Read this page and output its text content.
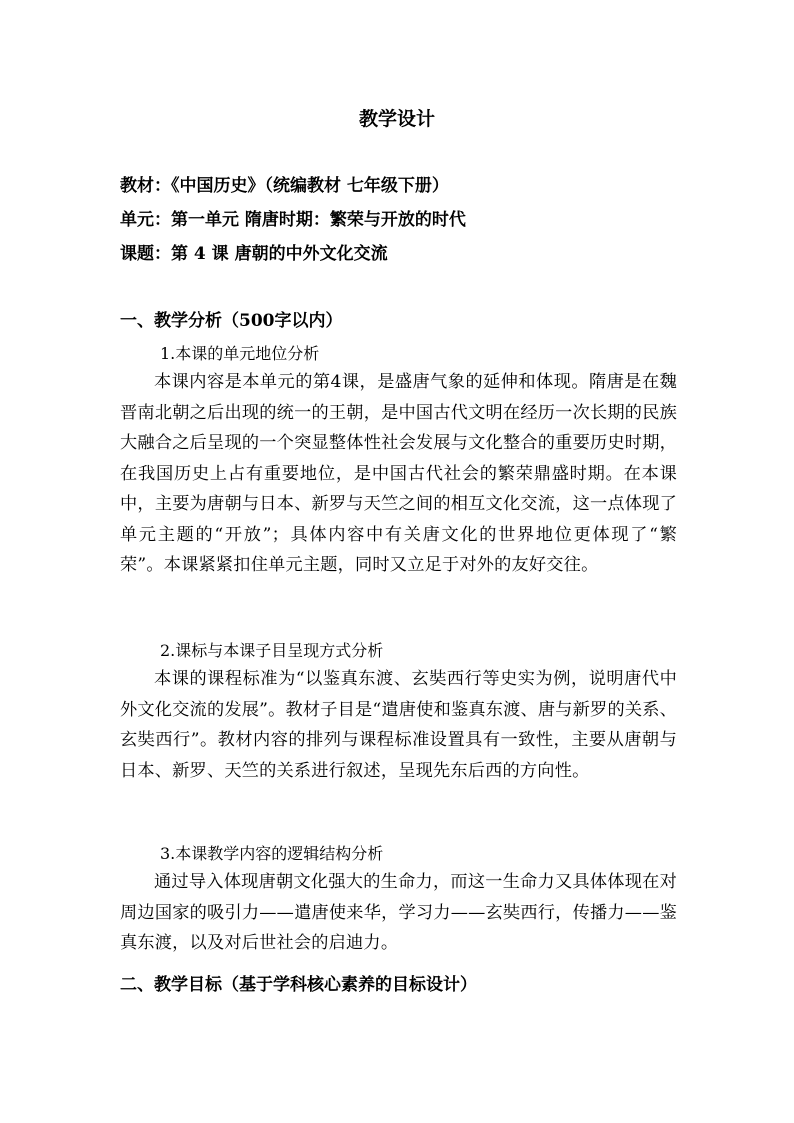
教学设计
教材：《中国历史》（统编教材 七年级下册）
单元：第一单元 隋唐时期：繁荣与开放的时代
课题：第 4 课 唐朝的中外文化交流
一、教学分析（500字以内）
1.本课的单元地位分析
本课内容是本单元的第4课，是盛唐气象的延伸和体现。隋唐是在魏晋南北朝之后出现的统一的王朝，是中国古代文明在经历一次长期的民族大融合之后呈现的一个突显整体性社会发展与文化整合的重要历史时期，在我国历史上占有重要地位，是中国古代社会的繁荣鼎盛时期。在本课中，主要为唐朝与日本、新罗与天竺之间的相互文化交流，这一点体现了单元主题的“开放”；具体内容中有关唐文化的世界地位更体现了“繁荣”。本课紧紧扣住单元主题，同时又立足于对外的友好交往。
2.课标与本课子目呈现方式分析
本课的课程标准为“以鉴真东渡、玄奘西行等史实为例，说明唐代中外文化交流的发展”。教材子目是“遣唐使和鉴真东渡、唐与新罗的关系、玄奘西行”。教材内容的排列与课程标准设置具有一致性，主要从唐朝与日本、新罗、天竺的关系进行叙述，呈现先东后西的方向性。
3.本课教学内容的逻辑结构分析
通过导入体现唐朝文化强大的生命力，而这一生命力又具体体现在对周边国家的吸引力——遣唐使来华，学习力——玄奘西行，传播力——鉴真东渡，以及对后世社会的启迪力。
二、教学目标（基于学科核心素养的目标设计）
